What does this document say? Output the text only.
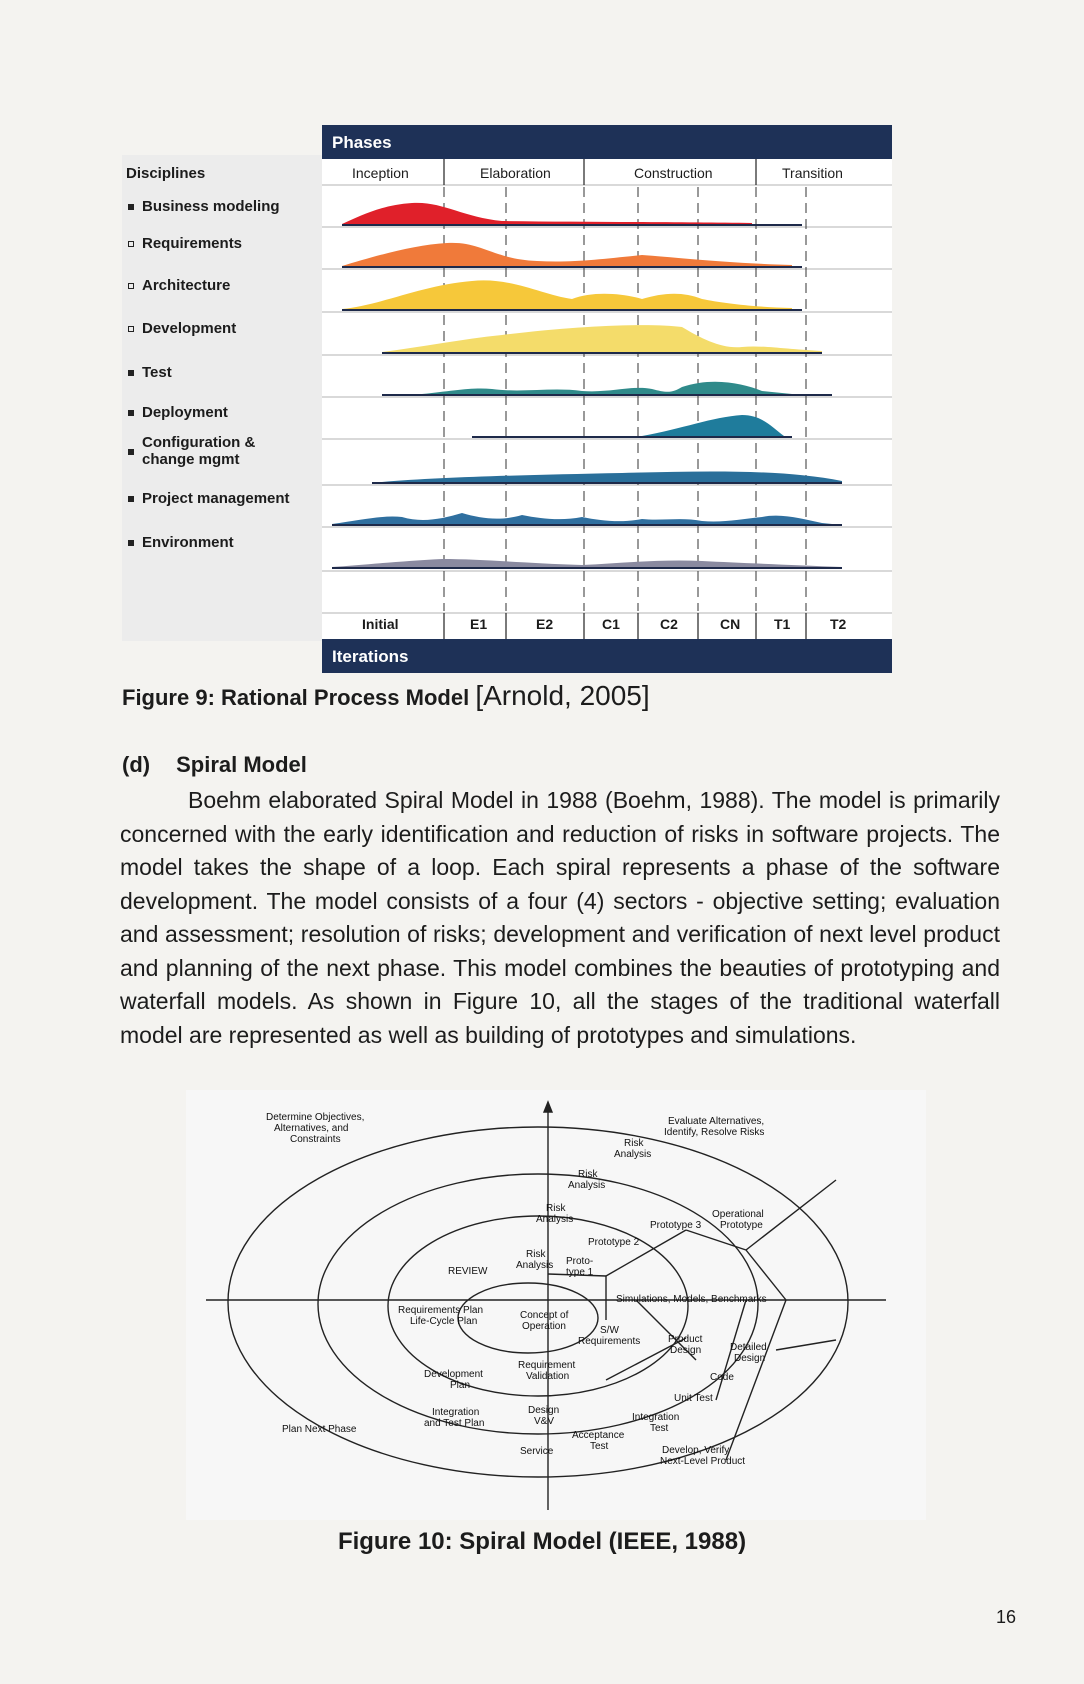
Disciplines
Business modeling
Requirements
Architecture
Development
Test
Deployment
Configuration &
change mgmt
Project management
Environment
Phases
Inception	Elaboration	Construction	Transition
Initial	E1	E2	C1	C2	CN T1	T2
Iterations
Figure 9: Rational Process Model [Arnold, 2005]
(d) Spiral Model
Boehm elaborated Spiral Model in 1988 (Boehm, 1988). The model is primarily concerned with the early identification and reduction of risks in software projects. The model takes the shape of a loop. Each spiral represents a phase of the software development. The model consists of a four (4) sectors - objective setting; evaluation and assessment; resolution of risks; development and verification of next level product and planning of the next phase. This model combines the beauties of prototyping and waterfall models. As shown in Figure 10, all the stages of the traditional waterfall model are represented as well as building of prototypes and simulations.
Determine Objectives,
Alternatives, and
Constraints
Evaluate Alternatives,
Identify, Resolve Risks
Risk
Analysis
Risk
Analysis
Risk
Analysis
Risk
Analysis Proto-
type 1
Prototype 2
Prototype 3
Operational
Prototype
REVIEW
Requirements Plan
Life-Cycle Plan
Concept of
Operation
Simulations, Models, Benchmarks
S/W
Requirements	Product
Design	Detailed
Design
Code
Development
Plan
Requirement
Validation
Unit Test
Integration
and Test Plan
Design
V&V	Integration
Test
Acceptance
Test
Plan Next Phase
Service	Develop, Verify
Next-Level Product
Figure 10: Spiral Model (IEEE, 1988)
16
